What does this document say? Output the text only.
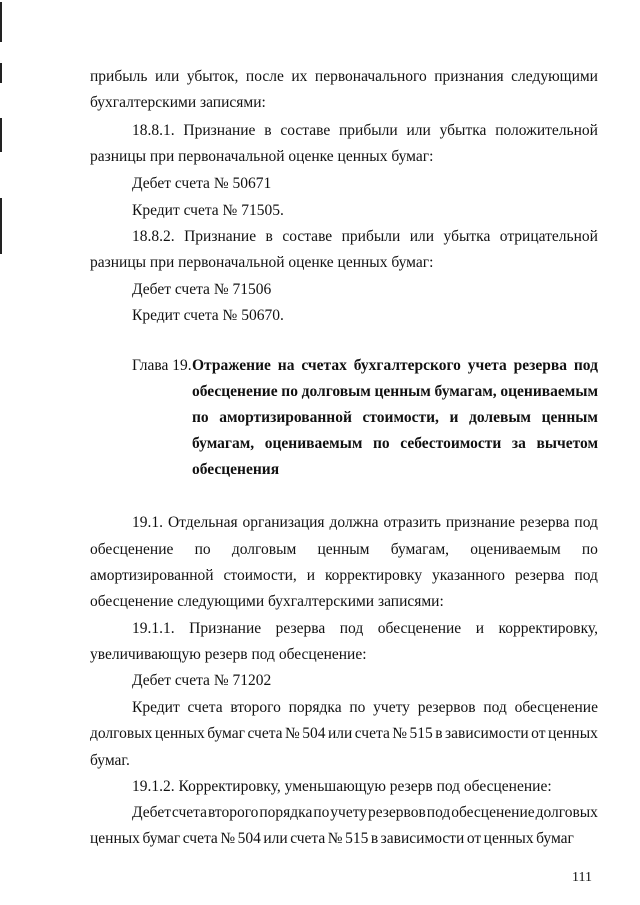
прибыль или убыток, после их первоначального признания следующими
бухгалтерскими записями:
18.8.1. Признание в составе прибыли или убытка положительной
разницы при первоначальной оценке ценных бумаг:
Дебет счета № 50671
Кредит счета № 71505.
18.8.2. Признание в составе прибыли или убытка отрицательной
разницы при первоначальной оценке ценных бумаг:
Дебет счета № 71506
Кредит счета № 50670.
Глава 19. Отражение на счетах бухгалтерского учета резерва под
обесценение по долговым ценным бумагам, оцениваемым
по амортизированной стоимости, и долевым ценным
бумагам, оцениваемым по себестоимости за вычетом
обесценения
19.1. Отдельная организация должна отразить признание резерва под
обесценение по долговым ценным бумагам, оцениваемым по
амортизированной стоимости, и корректировку указанного резерва под
обесценение следующими бухгалтерскими записями:
19.1.1. Признание резерва под обесценение и корректировку,
увеличивающую резерв под обесценение:
Дебет счета № 71202
Кредит счета второго порядка по учету резервов под обесценение
долговых ценных бумаг счета № 504 или счета № 515 в зависимости от ценных
бумаг.
19.1.2. Корректировку, уменьшающую резерв под обесценение:
Дебет счета второго порядка по учету резервов под обесценение долговых
ценных бумаг счета № 504 или счета № 515 в зависимости от ценных бумаг
111
